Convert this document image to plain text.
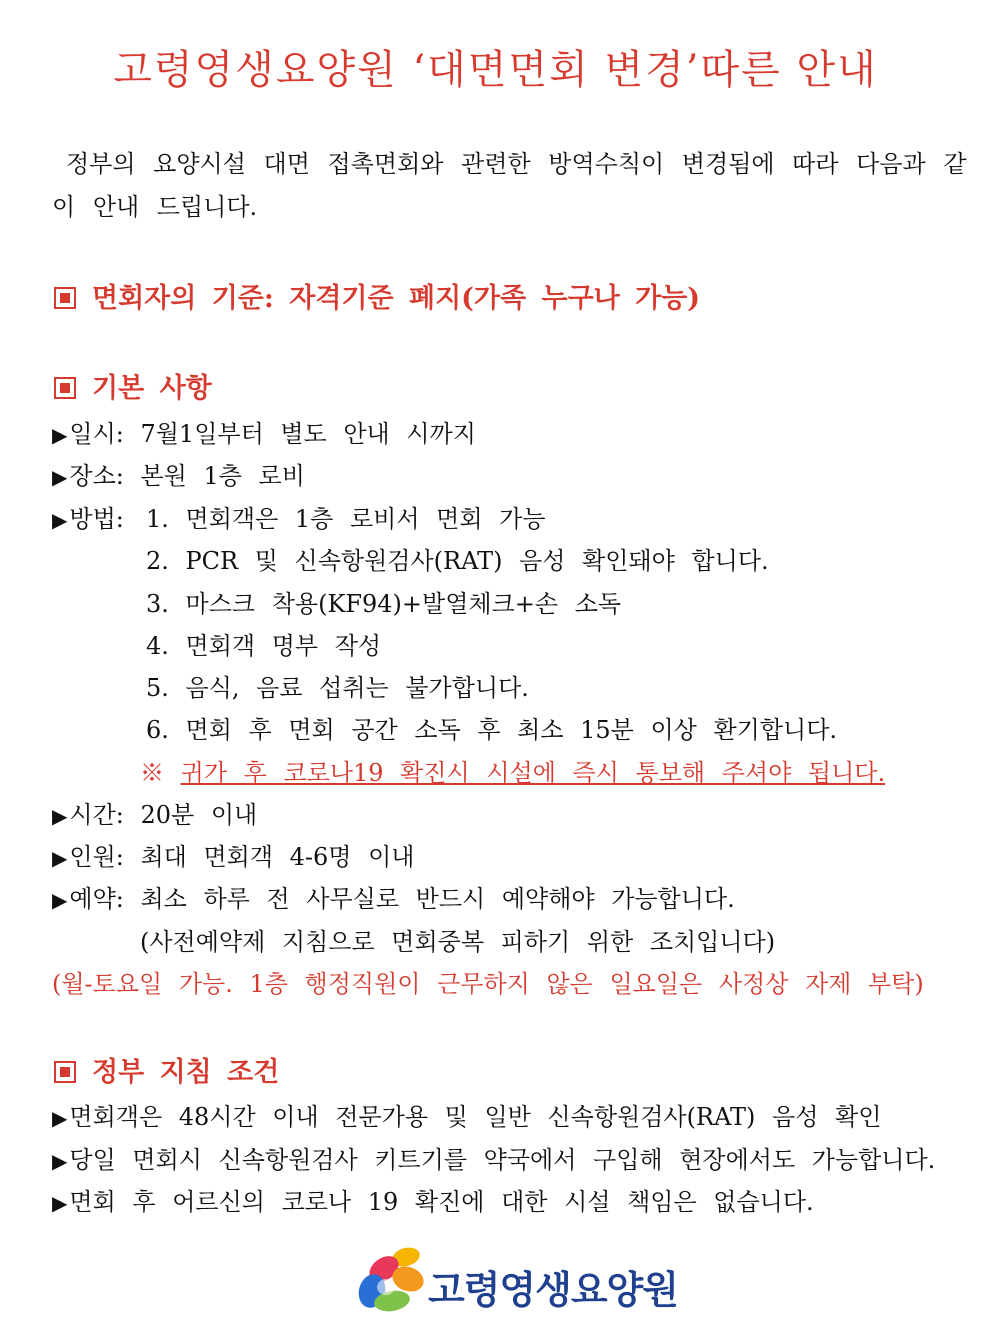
고령영생요양원 ‘대면면회 변경’따른 안내
정부의 요양시설 대면 접촉면회와 관련한 방역수칙이 변경됨에 따라 다음과 같
이 안내 드립니다.
면회자의 기준: 자격기준 폐지(가족 누구나 가능)
기본 사항
▶일시: 7월1일부터 별도 안내 시까지
▶장소: 본원 1층 로비
▶방법: 1. 면회객은 1층 로비서 면회 가능
2. PCR 및 신속항원검사(RAT) 음성 확인돼야 합니다.
3. 마스크 착용(KF94)+발열체크+손 소독
4. 면회객 명부 작성
5. 음식, 음료 섭취는 불가합니다.
6. 면회 후 면회 공간 소독 후 최소 15분 이상 환기합니다.
※ 귀가 후 코로나19 확진시 시설에 즉시 통보해 주셔야 됩니다.
▶시간: 20분 이내
▶인원: 최대 면회객 4-6명 이내
▶예약: 최소 하루 전 사무실로 반드시 예약해야 가능합니다.
(사전예약제 지침으로 면회중복 피하기 위한 조치입니다)
(월-토요일 가능. 1층 행정직원이 근무하지 않은 일요일은 사정상 자제 부탁)
정부 지침 조건
▶면회객은 48시간 이내 전문가용 및 일반 신속항원검사(RAT) 음성 확인
▶당일 면회시 신속항원검사 키트기를 약국에서 구입해 현장에서도 가능합니다.
▶면회 후 어르신의 코로나 19 확진에 대한 시설 책임은 없습니다.
고령영생요양원
